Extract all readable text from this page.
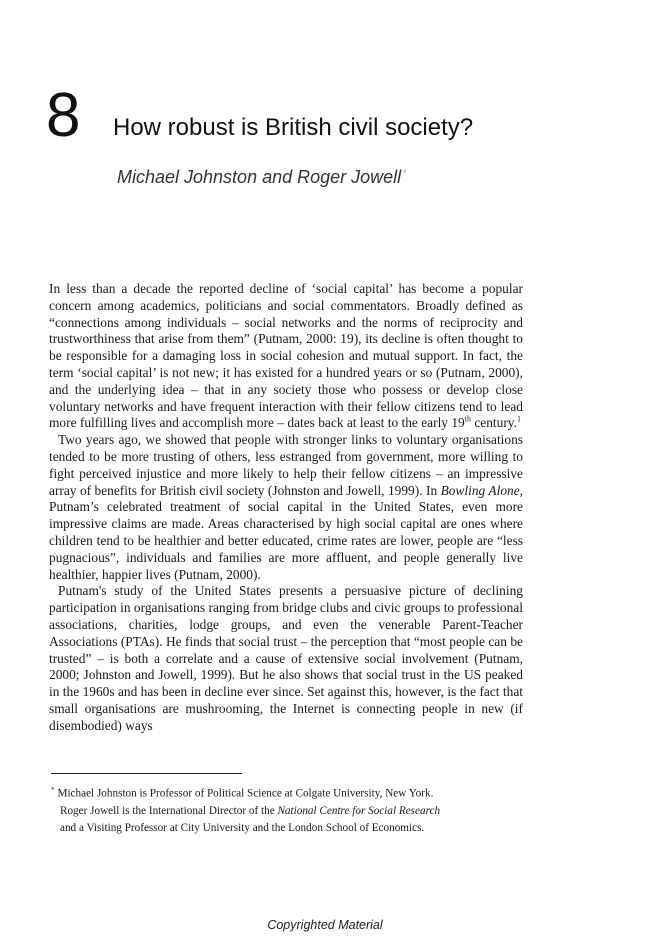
8 How robust is British civil society?
Michael Johnston and Roger Jowell *

In less than a decade the reported decline of ‘social capital’ has become a popular concern among academics, politicians and social commentators. Broadly defined as “connections among individuals – social networks and the norms of reciprocity and trustworthiness that arise from them” (Putnam, 2000: 19), its decline is often thought to be responsible for a damaging loss in social cohesion and mutual support. In fact, the term ‘social capital’ is not new; it has existed for a hundred years or so (Putnam, 2000), and the underlying idea – that in any society those who possess or develop close voluntary networks and have frequent interaction with their fellow citizens tend to lead more fulfilling lives and accomplish more – dates back at least to the early 19th century.$^1$

Two years ago, we showed that people with stronger links to voluntary organisations tended to be more trusting of others, less estranged from government, more willing to fight perceived injustice and more likely to help their fellow citizens – an impressive array of benefits for British civil society (Johnston and Jowell, 1999). In Bowling Alone, Putnam’s celebrated treatment of social capital in the United States, even more impressive claims are made. Areas characterised by high social capital are ones where children tend to be healthier and better educated, crime rates are lower, people are “less pugnacious”, individuals and families are more affluent, and people generally live healthier, happier lives (Putnam, 2000).

Putnam's study of the United States presents a persuasive picture of declining participation in organisations ranging from bridge clubs and civic groups to professional associations, charities, lodge groups, and even the venerable Parent-Teacher Associations (PTAs). He finds that social trust – the perception that “most people can be trusted” – is both a correlate and a cause of extensive social involvement (Putnam, 2000; Johnston and Jowell, 1999). But he also shows that social trust in the US peaked in the 1960s and has been in decline ever since. Set against this, however, is the fact that small organisations are mushrooming, the Internet is connecting people in new (if disembodied) ways

* Michael Johnston is Professor of Political Science at Colgate University, New York.
Roger Jowell is the International Director of the National Centre for Social Research
and a Visiting Professor at City University and the London School of Economics.
Copyrighted Material
